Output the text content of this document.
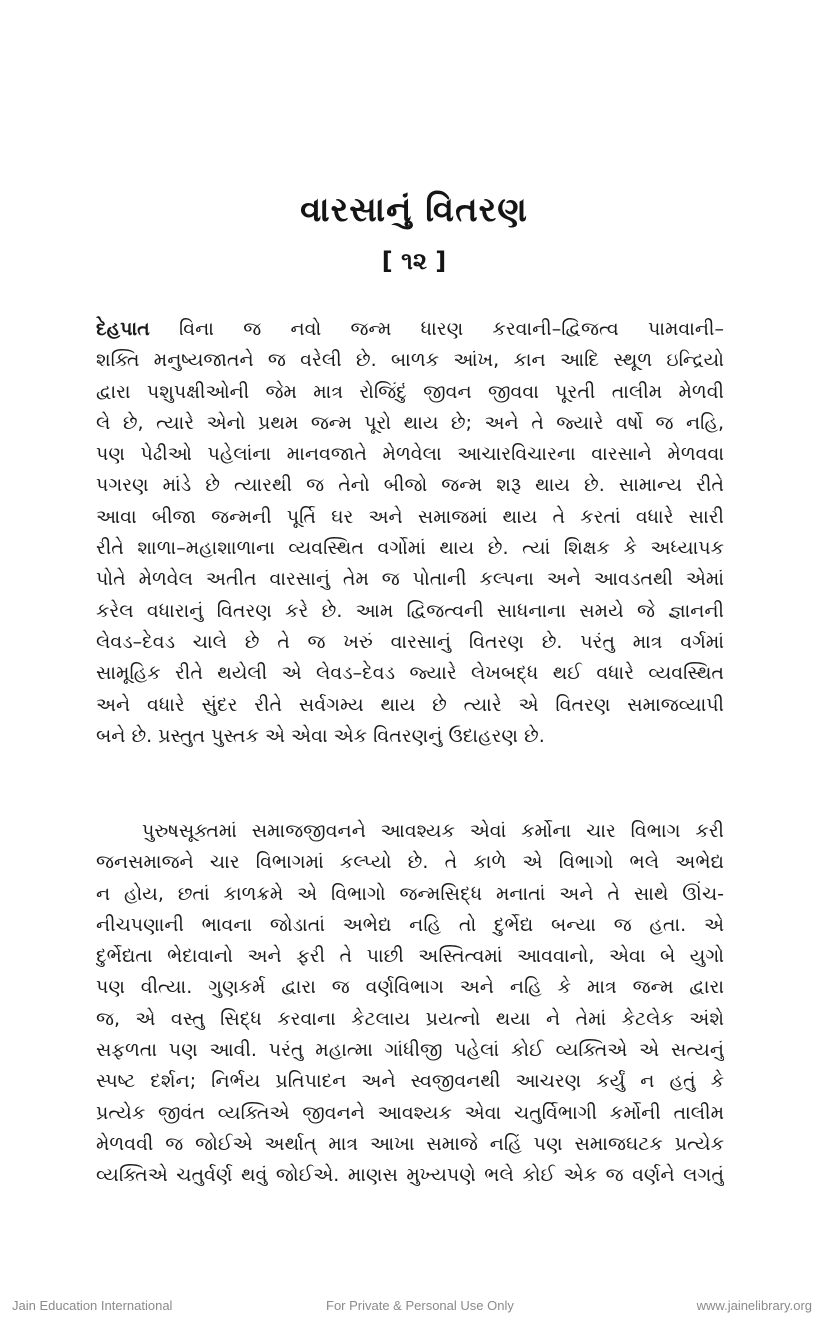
વારસાનું વિતરણ
[ ૧૨ ]
દેહપાત વિના જ નવો જન્મ ધારણ કરવાની–દ્વિજત્વ પામવાની–
શક્તિ મનુષ્યજાતને જ વરેલી છે. બાળક આંખ, કાન આદિ સ્થૂળ ઇન્દ્રિયો
દ્વારા પશુપક્ષીઓની જેમ માત્ર રોજિંદું જીવન જીવવા પૂરતી તાલીમ મેળવી
લે છે, ત્યારે એનો પ્રથમ જન્મ પૂરો થાય છે; અને તે જ્યારે વર્ષો જ નહિ,
પણ પેઢીઓ પહેલાંના માનવજાતે મેળવેલા આચારવિચારના વારસાને મેળવવા
પગરણ માંડે છે ત્યારથી જ તેનો બીજો જન્મ શરૂ થાય છે. સામાન્ય રીતે
આવા બીજા જન્મની પૂર્તિ ઘર અને સમાજમાં થાય તે કરતાં વધારે સારી
રીતે શાળા–મહાશાળાના વ્યવસ્થિત વર્ગોમાં થાય છે. ત્યાં શિક્ષક કે અધ્યાપક
પોતે મેળવેલ અતીત વારસાનું તેમ જ પોતાની કલ્પના અને આવડતથી એમાં
કરેલ વધારાનું વિતરણ કરે છે. આમ દ્વિજત્વની સાધનાના સમયે જે જ્ઞાનની
લેવડ–દેવડ ચાલે છે તે જ ખરું વારસાનું વિતરણ છે. પરંતુ માત્ર વર્ગમાં
સામૂહિક રીતે થયેલી એ લેવડ–દેવડ જ્યારે લેખબદ્ધ થઈ વધારે વ્યવસ્થિત
અને વધારે સુંદર રીતે સર્વગમ્ય થાય છે ત્યારે એ વિતરણ સમાજવ્યાપી
બને છે. પ્રસ્તુત પુસ્તક એ એવા એક વિતરણનું ઉદાહરણ છે.
પુરુષસૂક્તમાં સમાજજીવનને આવશ્યક એવાં કર્મોના ચાર વિભાગ કરી
જનસમાજને ચાર વિભાગમાં કલ્પ્યો છે. તે કાળે એ વિભાગો ભલે અભેદ્ય
ન હોય, છતાં કાળક્રમે એ વિભાગો જન્મસિદ્ધ મનાતાં અને તે સાથે ઊંચ-
નીચપણાની ભાવના જોડાતાં અભેદ્ય નહિ તો દુર્ભેદ્ય બન્યા જ હતા. એ
દુર્ભેદ્યતા ભેદાવાનો અને ફરી તે પાછી અસ્તિત્વમાં આવવાનો, એવા બે યુગો
પણ વીત્યા. ગુણકર્મ દ્વારા જ વર્ણવિભાગ અને નહિ કે માત્ર જન્મ દ્વારા
જ, એ વસ્તુ સિદ્ધ કરવાના કેટલાય પ્રયત્નો થયા ને તેમાં કેટલેક અંશે
સફળતા પણ આવી. પરંતુ મહાત્મા ગાંધીજી પહેલાં કોઈ વ્યક્તિએ એ સત્યનું
સ્પષ્ટ દર્શન; નિર્ભય પ્રતિપાદન અને સ્વજીવનથી આચરણ કર્યું ન હતું કે
પ્રત્યેક જીવંત વ્યક્તિએ જીવનને આવશ્યક એવા ચતુર્વિભાગી કર્મોની તાલીમ
મેળવવી જ જોઈએ અર્થાત્ માત્ર આખા સમાજે નહિં પણ સમાજઘટક પ્રત્યેક
વ્યક્તિએ ચતુર્વર્ણ થવું જોઈએ. માણસ મુખ્યપણે ભલે કોઈ એક જ વર્ણને લગતું
Jain Education International	For Private & Personal Use Only	www.jainelibrary.org
